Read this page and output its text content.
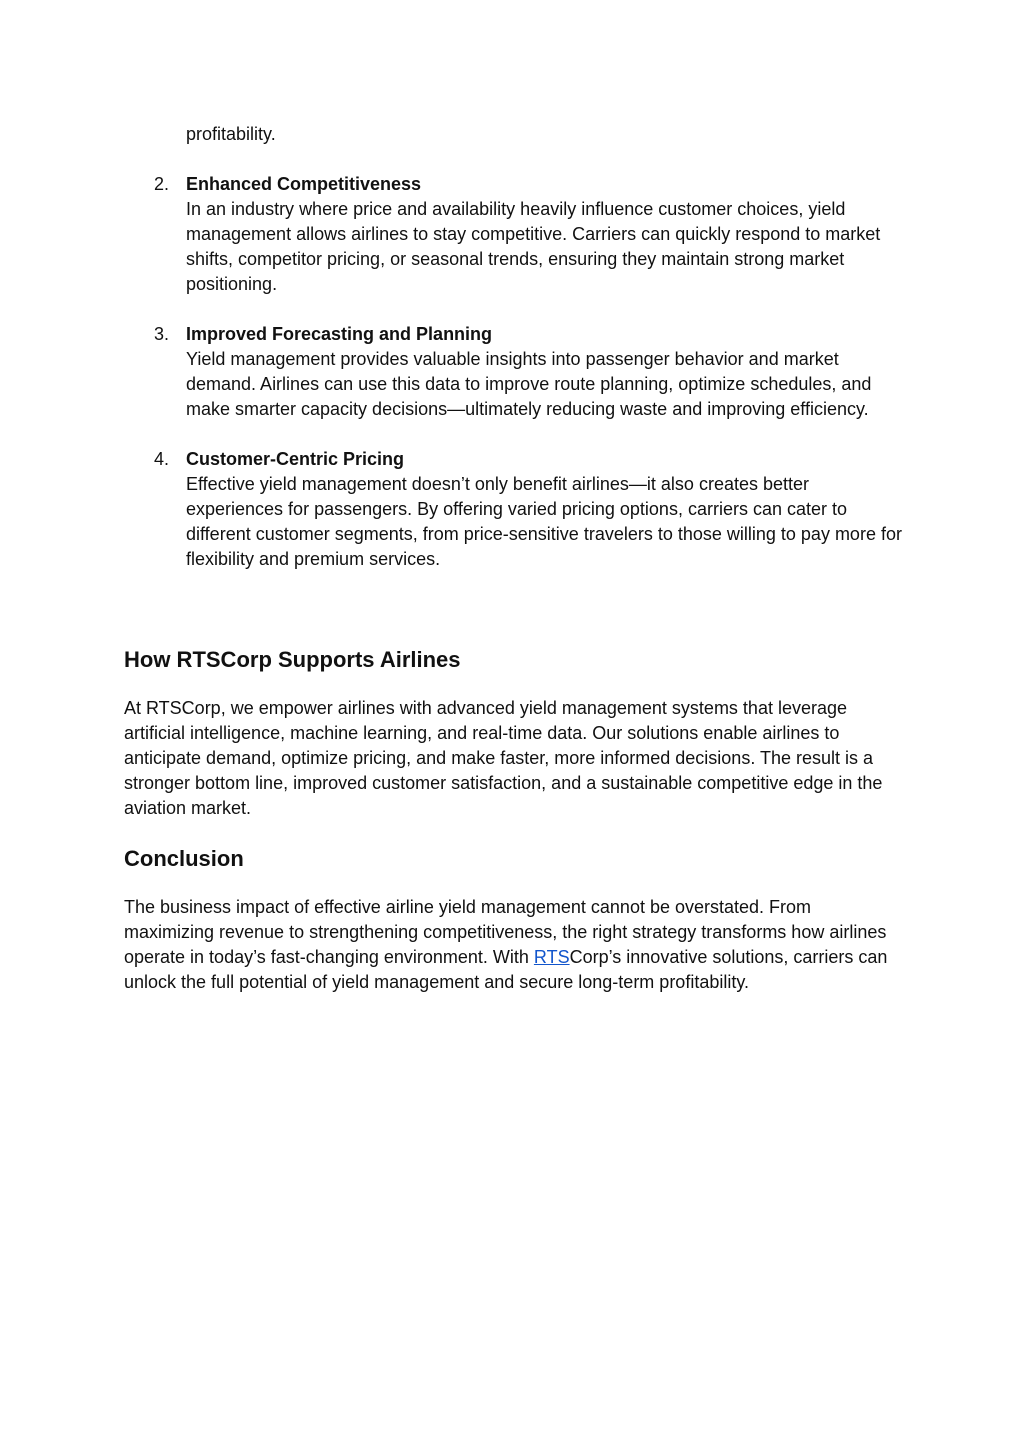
profitability.

2. Enhanced Competitiveness
In an industry where price and availability heavily influence customer choices, yield management allows airlines to stay competitive. Carriers can quickly respond to market shifts, competitor pricing, or seasonal trends, ensuring they maintain strong market positioning.
3. Improved Forecasting and Planning
Yield management provides valuable insights into passenger behavior and market demand. Airlines can use this data to improve route planning, optimize schedules, and make smarter capacity decisions—ultimately reducing waste and improving efficiency.
4. Customer-Centric Pricing
Effective yield management doesn’t only benefit airlines—it also creates better experiences for passengers. By offering varied pricing options, carriers can cater to different customer segments, from price-sensitive travelers to those willing to pay more for flexibility and premium services.
How RTSCorp Supports Airlines

At RTSCorp, we empower airlines with advanced yield management systems that leverage artificial intelligence, machine learning, and real-time data. Our solutions enable airlines to anticipate demand, optimize pricing, and make faster, more informed decisions. The result is a stronger bottom line, improved customer satisfaction, and a sustainable competitive edge in the aviation market.

Conclusion

The business impact of effective airline yield management cannot be overstated. From maximizing revenue to strengthening competitiveness, the right strategy transforms how airlines operate in today’s fast-changing environment. With RTSCorp’s innovative solutions, carriers can unlock the full potential of yield management and secure long-term profitability.
